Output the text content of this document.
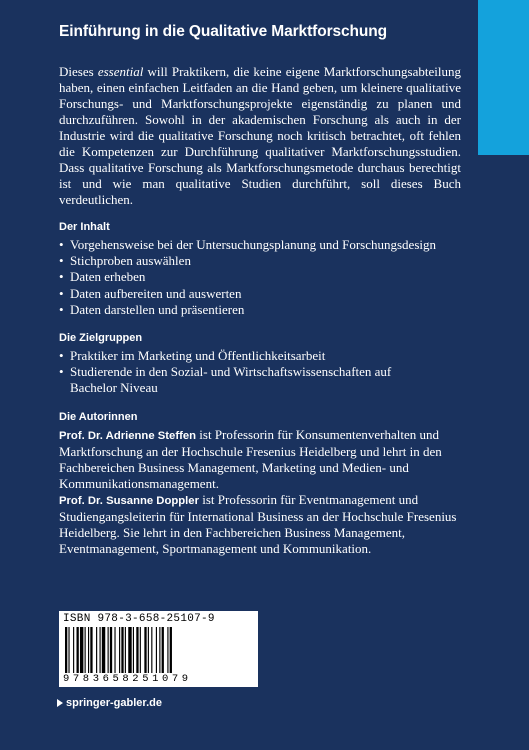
Einführung in die Qualitative Marktforschung

Dieses essential will Praktikern, die keine eigene Marktforschungsabteilung haben, einen einfachen Leitfaden an die Hand geben, um kleinere qualitative Forschungs- und Marktforschungsprojekte eigenständig zu planen und durchzuführen. Sowohl in der akademischen Forschung als auch in der Industrie wird die qualitative Forschung noch kritisch betrachtet, oft fehlen die Kompetenzen zur Durchführung qualitativer Marktforschungsstudien. Dass qualitative Forschung als Marktforschungsmetode durchaus berechtigt ist und wie man qualitative Studien durchführt, soll dieses Buch verdeutlichen.

Der Inhalt
• Vorgehensweise bei der Untersuchungsplanung und Forschungsdesign
• Stichproben auswählen
• Daten erheben
• Daten aufbereiten und auswerten
• Daten darstellen und präsentieren
Die Zielgruppen
• Praktiker im Marketing und Öffentlichkeitsarbeit
• Studierende in den Sozial- und Wirtschaftswissenschaften auf Bachelor Niveau
Die Autorinnen

Prof. Dr. Adrienne Steffen ist Professorin für Konsumentenverhalten und Marktforschung an der Hochschule Fresenius Heidelberg und lehrt in den Fachbereichen Business Management, Marketing und Medien- und Kommunikationsmanagement.
Prof. Dr. Susanne Doppler ist Professorin für Eventmanagement und Studiengangsleiterin für International Business an der Hochschule Fresenius Heidelberg. Sie lehrt in den Fachbereichen Business Management, Eventmanagement, Sportmanagement und Kommunikation.

ISBN 978-3-658-25107-9
9783658251079
springer-gabler.de
